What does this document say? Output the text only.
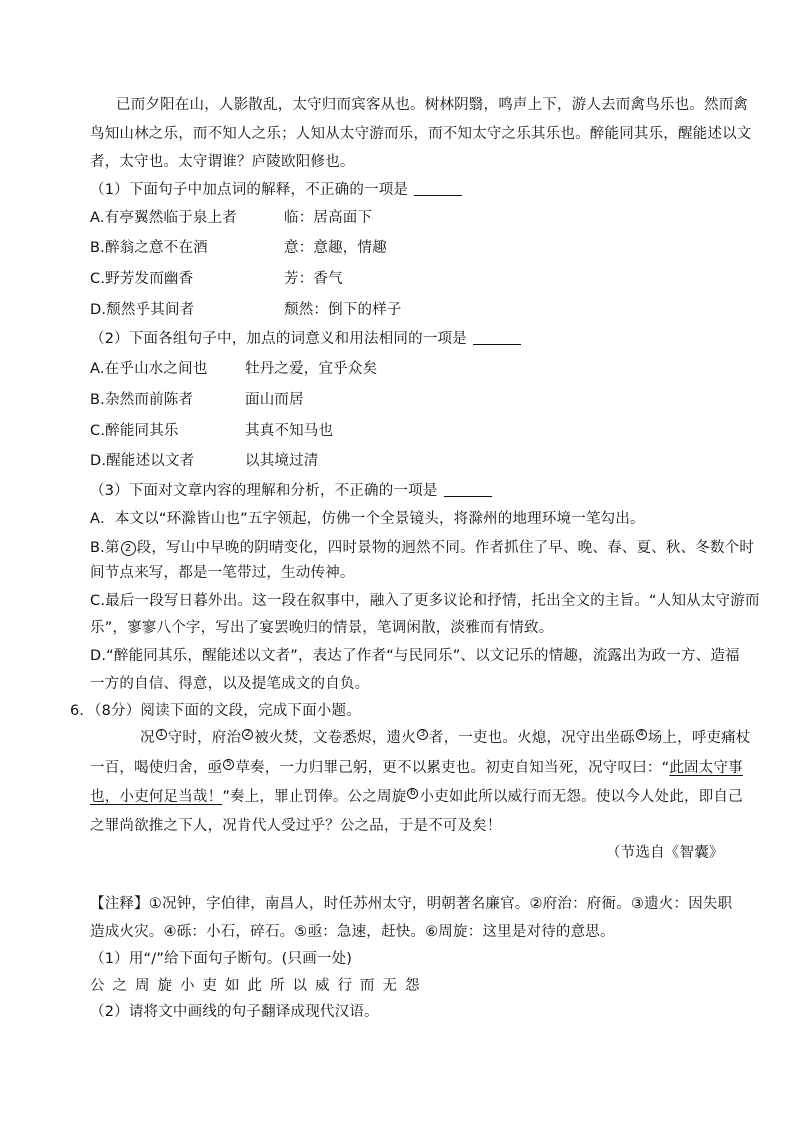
已而夕阳在山，人影散乱，太守归而宾客从也。树林阴翳，鸣声上下，游人去而禽鸟乐也。然而禽
鸟知山林之乐，而不知人之乐；人知从太守游而乐，而不知太守之乐其乐也。醉能同其乐，醒能述以文
者，太守也。太守谓谁？庐陵欧阳修也。
（1）下面句子中加点词的解释，不正确的一项是
A.有亭翼然临于泉上者	临：居高面下
B.醉翁之意不在酒	意：意趣，情趣
C.野芳发而幽香	芳：香气
D.颓然乎其间者	颓然：倒下的样子
（2）下面各组句子中，加点的词意义和用法相同的一项是
A.在乎山水之间也	牡丹之爱，宜乎众矣
B.杂然而前陈者	面山而居
C.醉能同其乐	其真不知马也
D.醒能述以文者	以其境过清
（3）下面对文章内容的理解和分析，不正确的一项是
A．本文以“环滁皆山也”五字领起，仿佛一个全景镜头，将滁州的地理环境一笔勾出。
B.第 2 段，写山中早晚的阴晴变化，四时景物的迥然不同。作者抓住了早、晚、春、夏、秋、冬数个时
间节点来写，都是一笔带过，生动传神。
C.最后一段写日暮外出。这一段在叙事中，融入了更多议论和抒情，托出全文的主旨。“人知从太守游而
乐”，寥寥八个字，写出了宴罢晚归的情景，笔调闲散，淡雅而有情致。
D.“醉能同其乐，醒能述以文者”，表达了作者“与民同乐”、以文记乐的情趣，流露出为政一方、造福
一方的自信、得意，以及提笔成文的自负。
6．（8分）阅读下面的文段，完成下面小题。
况 1 守时，府治 2 被火焚，文卷悉烬，遗火 3 者，一吏也。火熄，况守出坐砾 4 场上，呼吏痛杖
一百，喝使归舍，亟 5 草奏，一力归罪己躬，更不以累吏也。初吏自知当死，况守叹曰：“此固太守事
也，小吏何足当哉！”奏上，罪止罚俸。公之周旋 6 小吏如此所以威行而无怨。使以今人处此，即自己
之罪尚欲推之下人，况肯代人受过乎？公之品，于是不可及矣！
（节选自《智囊》
【注释】①况钟，字伯律，南昌人，时任苏州太守，明朝著名廉官。②府治：府衙。③遗火：因失职
造成火灾。④砾：小石，碎石。⑤亟：急速，赶快。⑥周旋：这里是对待的意思。
（1）用“/”给下面句子断句。(只画一处)
公之周旋小吏如此所以威行而无怨
（2）请将文中画线的句子翻译成现代汉语。
